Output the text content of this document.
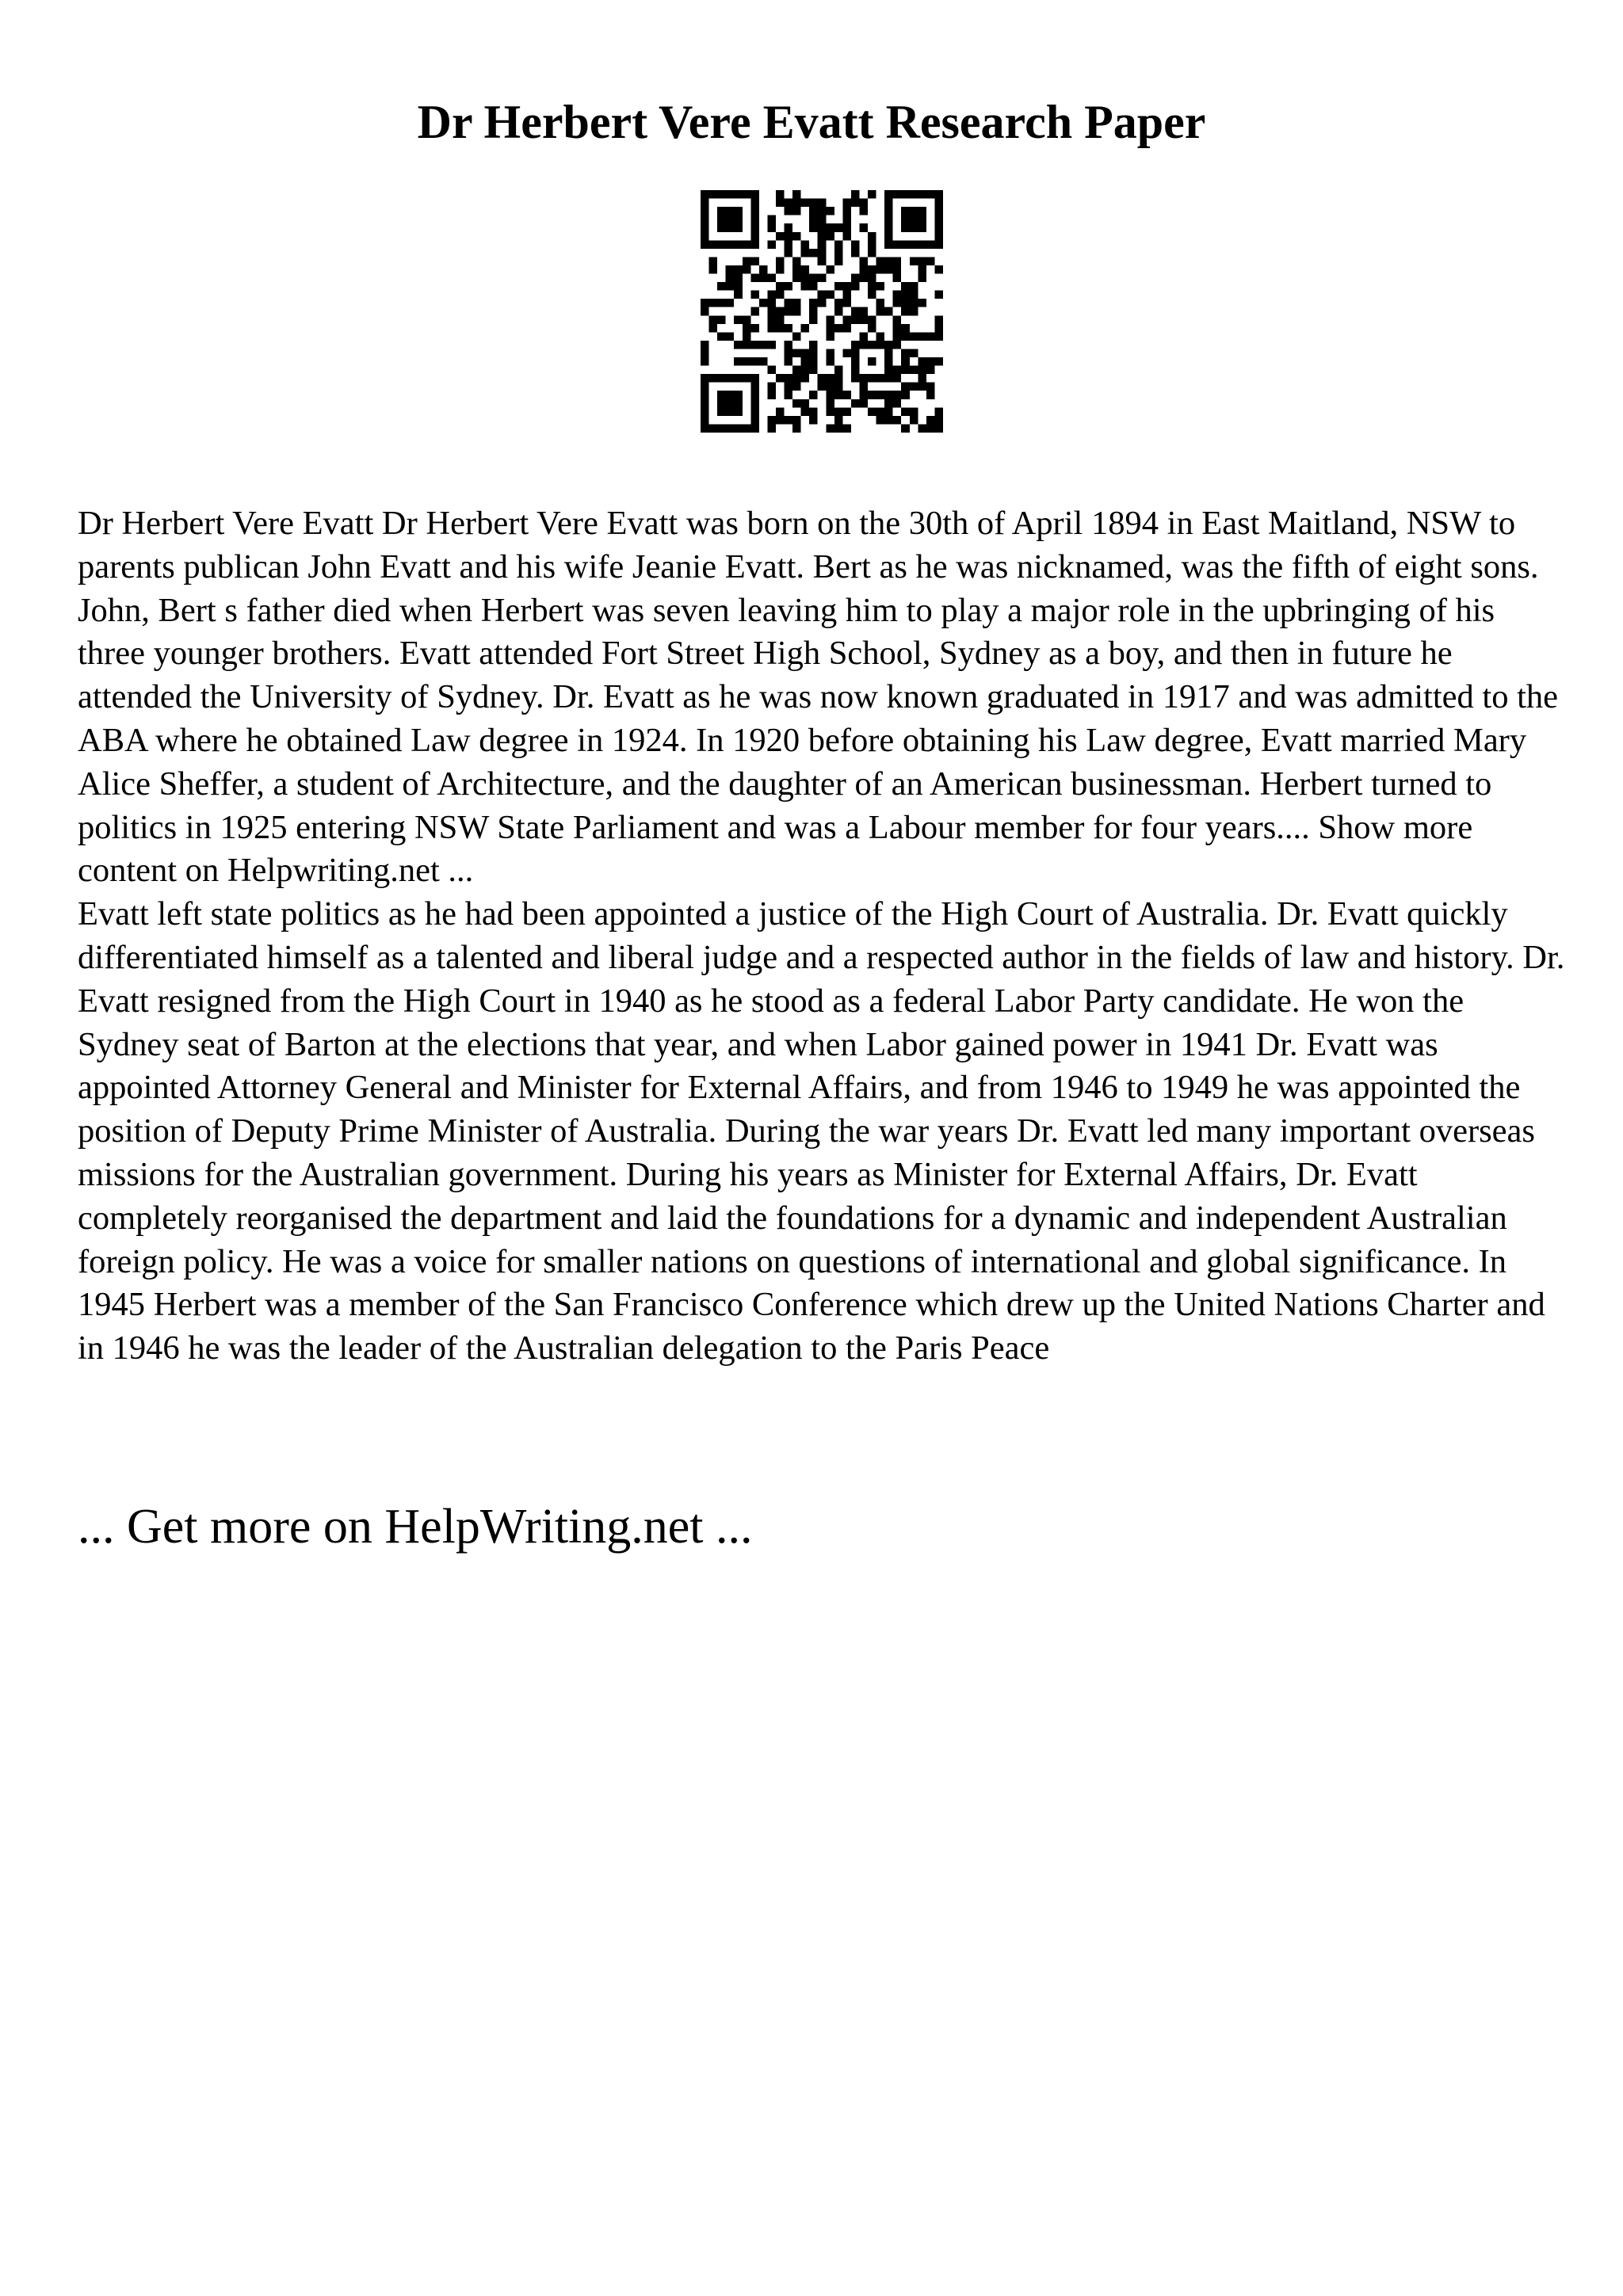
Dr Herbert Vere Evatt Research Paper

Dr Herbert Vere Evatt Dr Herbert Vere Evatt was born on the 30th of April 1894 in East Maitland, NSW to parents publican John Evatt and his wife Jeanie Evatt. Bert as he was nicknamed, was the fifth of eight sons. John, Bert s father died when Herbert was seven leaving him to play a major role in the upbringing of his three younger brothers. Evatt attended Fort Street High School, Sydney as a boy, and then in future he attended the University of Sydney. Dr. Evatt as he was now known graduated in 1917 and was admitted to the ABA where he obtained Law degree in 1924. In 1920 before obtaining his Law degree, Evatt married Mary Alice Sheffer, a student of Architecture, and the daughter of an American businessman. Herbert turned to politics in 1925 entering NSW State Parliament and was a Labour member for four years.... Show more content on Helpwriting.net ...

Evatt left state politics as he had been appointed a justice of the High Court of Australia. Dr. Evatt quickly differentiated himself as a talented and liberal judge and a respected author in the fields of law and history. Dr. Evatt resigned from the High Court in 1940 as he stood as a federal Labor Party candidate. He won the Sydney seat of Barton at the elections that year, and when Labor gained power in 1941 Dr. Evatt was appointed Attorney General and Minister for External Affairs, and from 1946 to 1949 he was appointed the position of Deputy Prime Minister of Australia. During the war years Dr. Evatt led many important overseas missions for the Australian government. During his years as Minister for External Affairs, Dr. Evatt completely reorganised the department and laid the foundations for a dynamic and independent Australian foreign policy. He was a voice for smaller nations on questions of international and global significance. In 1945 Herbert was a member of the San Francisco Conference which drew up the United Nations Charter and in 1946 he was the leader of the Australian delegation to the Paris Peace

... Get more on HelpWriting.net ...
